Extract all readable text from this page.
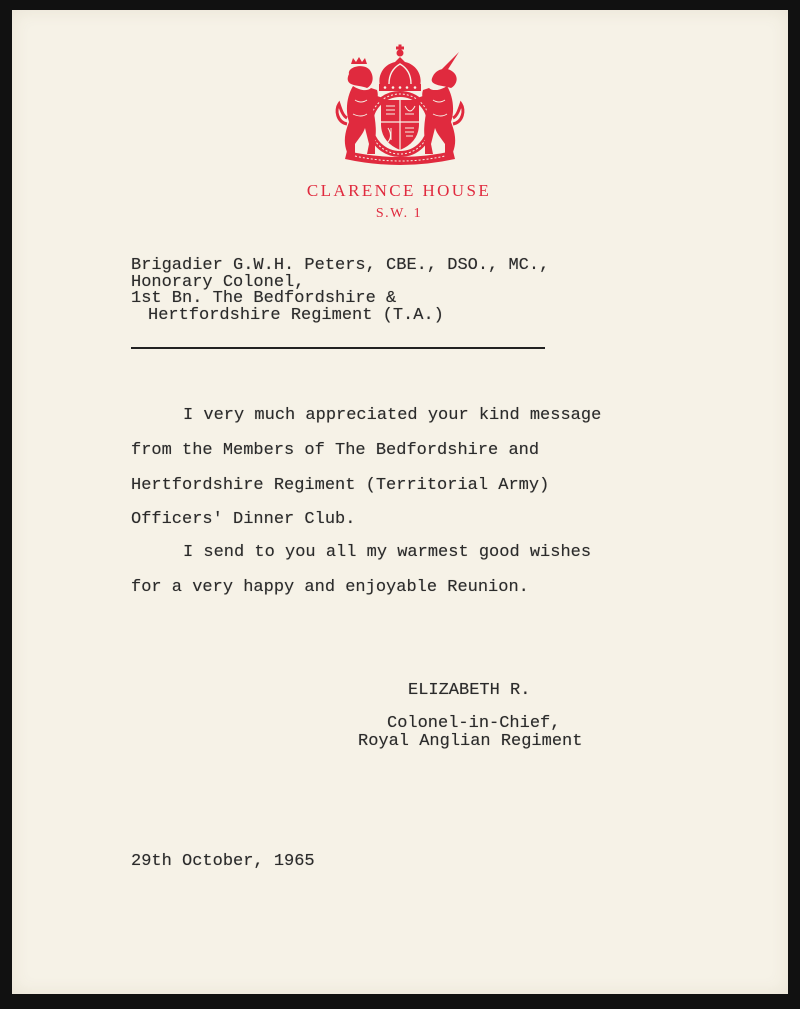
CLARENCE HOUSE
S.W. 1
Brigadier G.W.H. Peters, CBE., DSO., MC.,
Honorary Colonel,
1st Bn. The Bedfordshire &
Hertfordshire Regiment (T.A.)
I very much appreciated your kind message
from the Members of The Bedfordshire and
Hertfordshire Regiment (Territorial Army)
Officers' Dinner Club.
I send to you all my warmest good wishes
for a very happy and enjoyable Reunion.
ELIZABETH R.
Colonel-in-Chief,
Royal Anglian Regiment
29th October, 1965
